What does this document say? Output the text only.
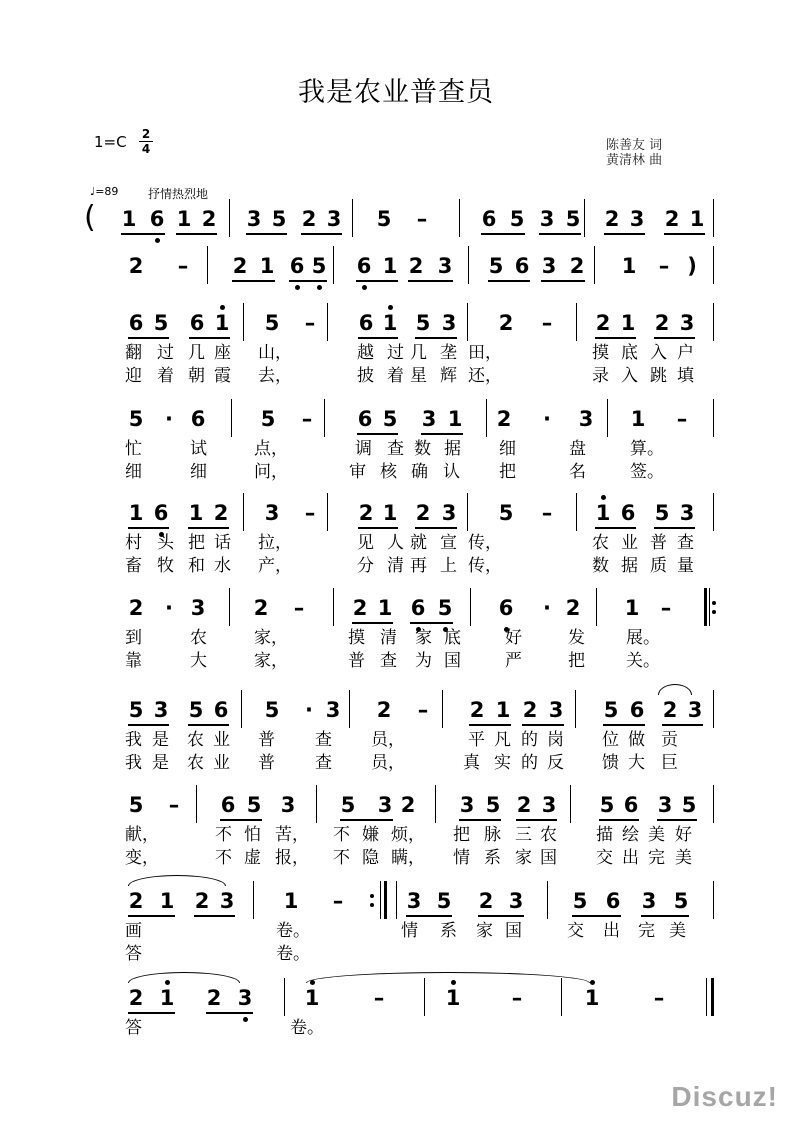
我是农业普查员
1=C 2
4	陈善友 词
黄清林 曲
♩=89 抒情热烈地
1 6 1 2 3 5 2 3 5 –	6 5 3 5 2 3 2 1
(
2 – 2 1 6 5 6 1 2 3 5 6 3 2 1 – )
6 5 6 1 5 – 6 1 5 3 2 – 2 1 2 3
翻 过 几 座 山，	越 过 几 垄 田，	摸 底 入 户
迎 着 朝 霞 去，	披 着 星 辉 还，	录 入 跳 填
5 · 6	5 – 6 5 3 1 2 · 3 1 –
忙	试	点，	调 查 数 据 细	盘	算。
细	细	问，	审 核 确 认 把	名	签。
1 6 1 2 3 – 2 1 2 3 5 – 1 6 5 3
村 头 把 话 拉，	见 人 就 宣 传，	农 业 普 查
畜 牧 和 水 产，	分 清 再 上 传，	数 据 质 量
2 · 3 2 – 2 1 6 5 6 · 2 1 –
到	农	家，	摸 清 家 底	好	发 展。
靠	大	家，	普 查 为 国	严	把 关。
5 3 5 6 5 · 3 2 – 2 1 2 3 5 6 2 3
我 是 农 业 普 查 员，	平 凡 的 岗 位 做 贡
我 是 农 业 普 查 员，	真 实 的 反 馈 大 巨
5 – 6 5 3 5 3 2 3 5 2 3 5 6 3 5
献，	不 怕 苦， 不 嫌 烦， 把 脉 三 农 描 绘 美 好
变，	不 虚 报， 不 隐 瞒， 情 系 家 国 交 出 完 美
2 1 2 3 1 –	3 5 2 3 5 6 3 5
画	卷。	情 系 家 国	交 出 完 美
答	卷。
2 1 2 3 1	–	1 –	1	–
答	卷。
Discuz!
